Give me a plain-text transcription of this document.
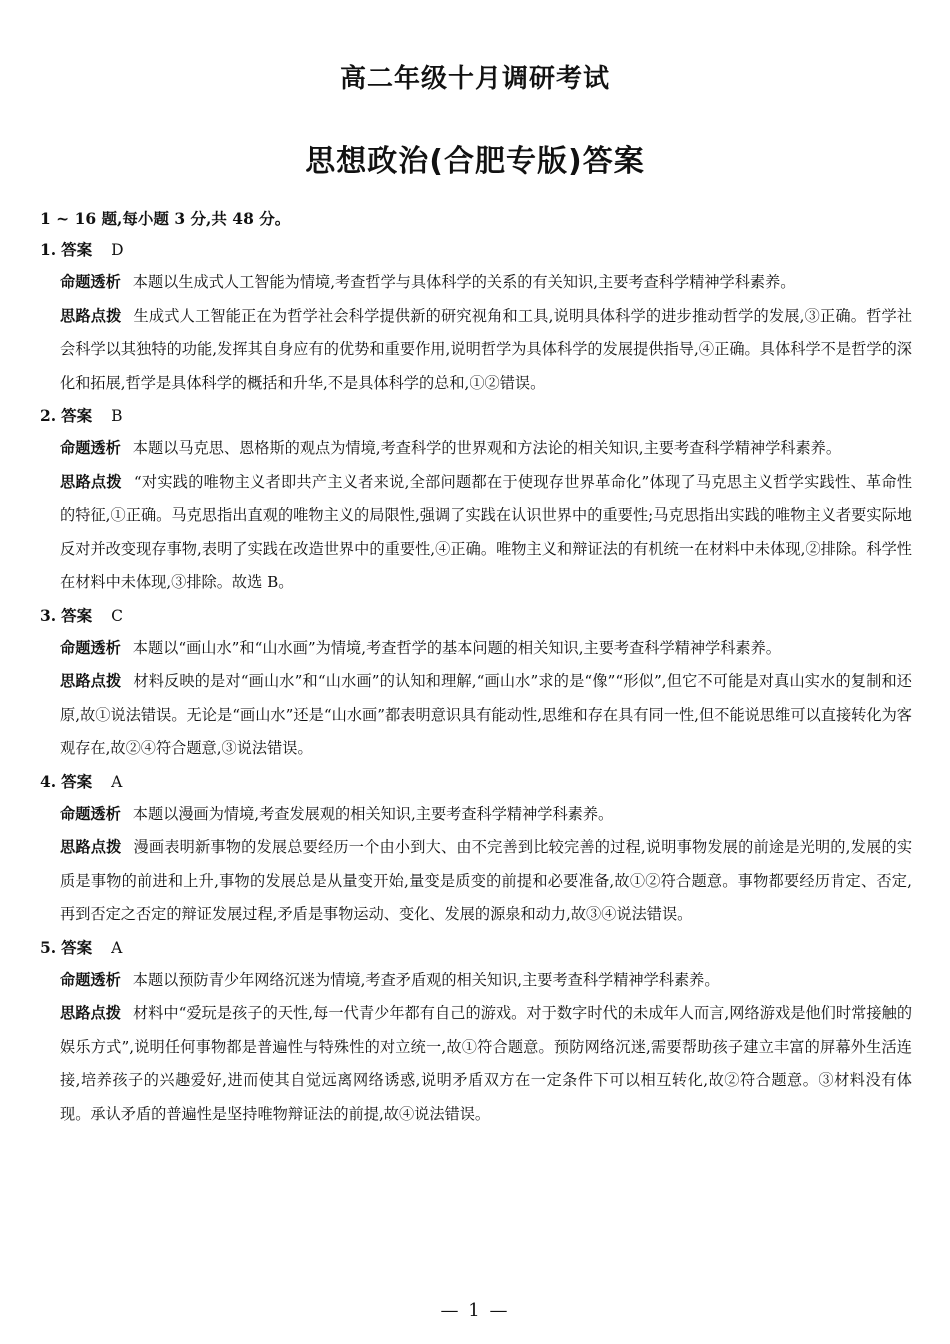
高二年级十月调研考试
思想政治(合肥专版)答案
1 ~ 16 题,每小题 3 分,共 48 分。
1. 答案 D
命题透析 本题以生成式人工智能为情境,考查哲学与具体科学的关系的有关知识,主要考查科学精神学科素养。
思路点拨 生成式人工智能正在为哲学社会科学提供新的研究视角和工具,说明具体科学的进步推动哲学的发展,③正确。哲学社会科学以其独特的功能,发挥其自身应有的优势和重要作用,说明哲学为具体科学的发展提供指导,④正确。具体科学不是哲学的深化和拓展,哲学是具体科学的概括和升华,不是具体科学的总和,①②错误。
2. 答案 B
命题透析 本题以马克思、恩格斯的观点为情境,考查科学的世界观和方法论的相关知识,主要考查科学精神学科素养。
思路点拨 “对实践的唯物主义者即共产主义者来说,全部问题都在于使现存世界革命化”体现了马克思主义哲学实践性、革命性的特征,①正确。马克思指出直观的唯物主义的局限性,强调了实践在认识世界中的重要性;马克思指出实践的唯物主义者要实际地反对并改变现存事物,表明了实践在改造世界中的重要性,④正确。唯物主义和辩证法的有机统一在材料中未体现,②排除。科学性在材料中未体现,③排除。故选 B。
3. 答案 C
命题透析 本题以“画山水”和“山水画”为情境,考查哲学的基本问题的相关知识,主要考查科学精神学科素养。
思路点拨 材料反映的是对“画山水”和“山水画”的认知和理解,“画山水”求的是“像”“形似”,但它不可能是对真山实水的复制和还原,故①说法错误。无论是“画山水”还是“山水画”都表明意识具有能动性,思维和存在具有同一性,但不能说思维可以直接转化为客观存在,故②④符合题意,③说法错误。
4. 答案 A
命题透析 本题以漫画为情境,考查发展观的相关知识,主要考查科学精神学科素养。
思路点拨 漫画表明新事物的发展总要经历一个由小到大、由不完善到比较完善的过程,说明事物发展的前途是光明的,发展的实质是事物的前进和上升,事物的发展总是从量变开始,量变是质变的前提和必要准备,故①②符合题意。事物都要经历肯定、否定,再到否定之否定的辩证发展过程,矛盾是事物运动、变化、发展的源泉和动力,故③④说法错误。
5. 答案 A
命题透析 本题以预防青少年网络沉迷为情境,考查矛盾观的相关知识,主要考查科学精神学科素养。
思路点拨 材料中“爱玩是孩子的天性,每一代青少年都有自己的游戏。对于数字时代的未成年人而言,网络游戏是他们时常接触的娱乐方式”,说明任何事物都是普遍性与特殊性的对立统一,故①符合题意。预防网络沉迷,需要帮助孩子建立丰富的屏幕外生活连接,培养孩子的兴趣爱好,进而使其自觉远离网络诱惑,说明矛盾双方在一定条件下可以相互转化,故②符合题意。③材料没有体现。承认矛盾的普遍性是坚持唯物辩证法的前提,故④说法错误。
— 1 —
